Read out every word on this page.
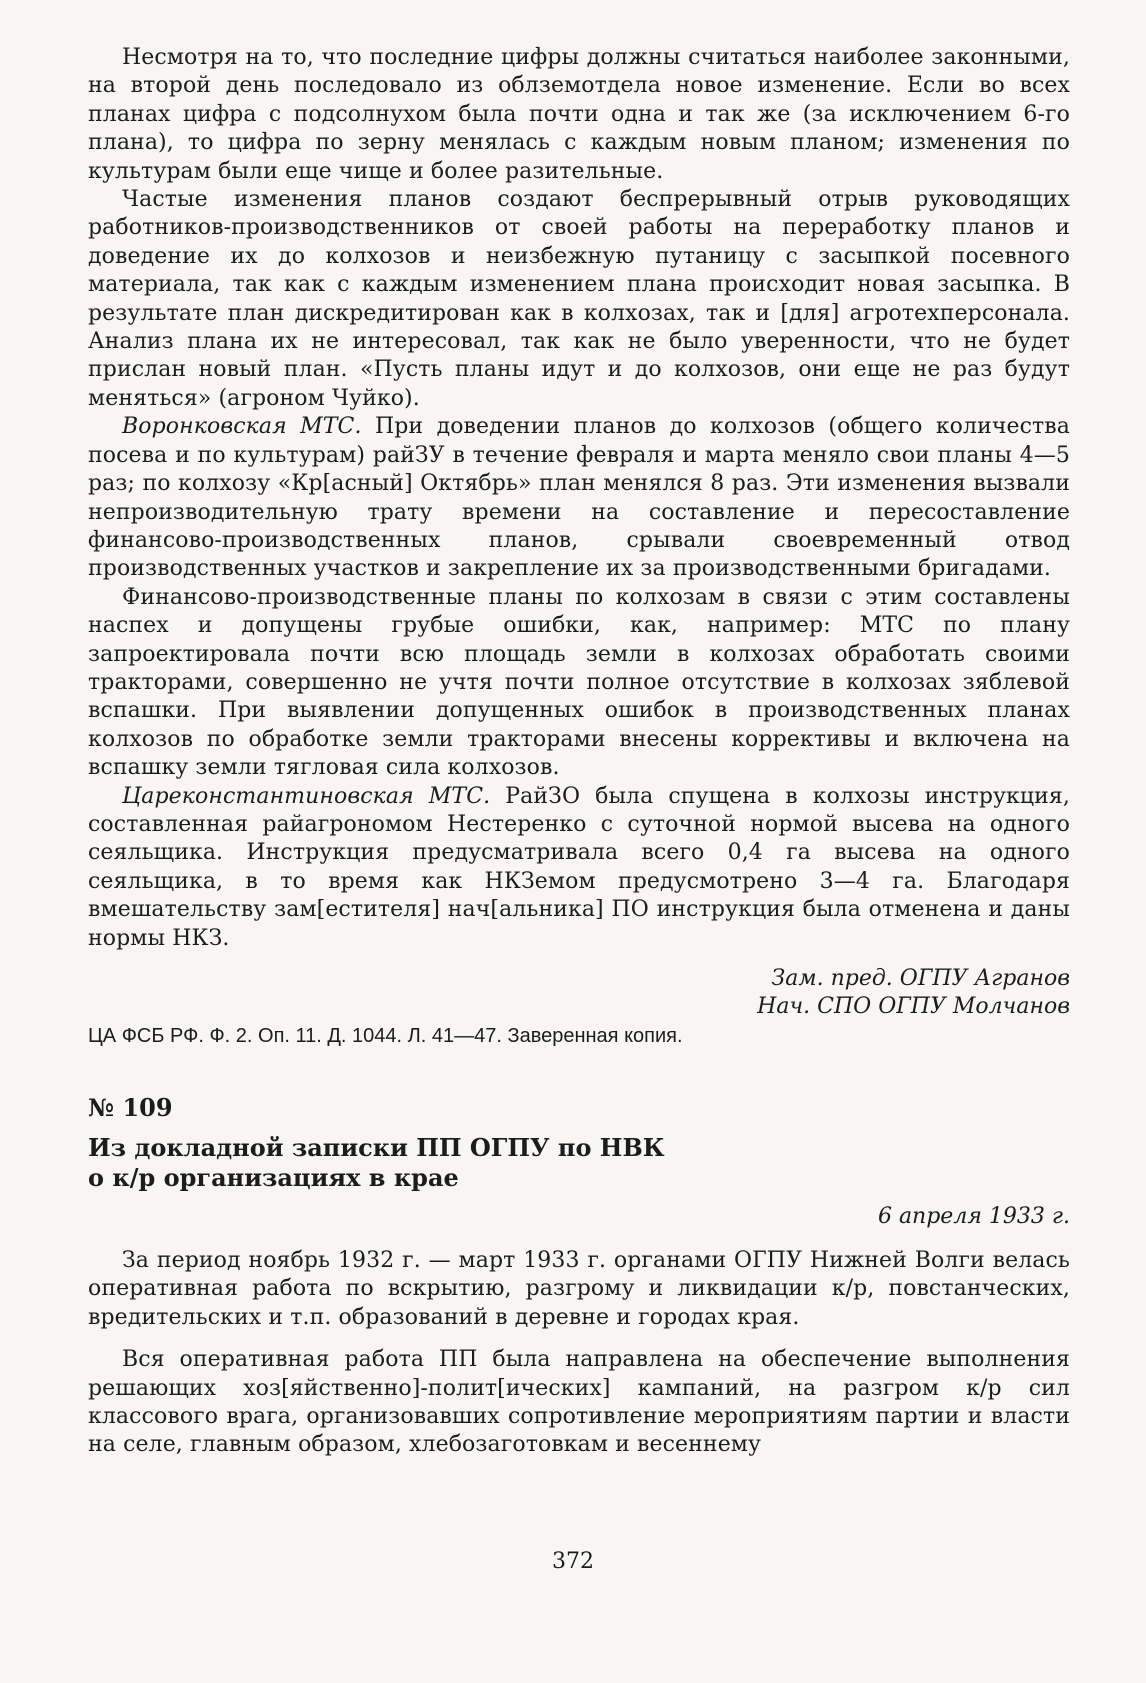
Несмотря на то, что последние цифры должны считаться наиболее законными, на второй день последовало из облземотдела новое изменение. Если во всех планах цифра с подсолнухом была почти одна и так же (за исключением 6-го плана), то цифра по зерну менялась с каждым новым планом; изменения по культурам были еще чище и более разительные.

Частые изменения планов создают беспрерывный отрыв руководящих работников-производственников от своей работы на переработку планов и доведение их до колхозов и неизбежную путаницу с засыпкой посевного материала, так как с каждым изменением плана происходит новая засыпка. В результате план дискредитирован как в колхозах, так и [для] агротехперсонала. Анализ плана их не интересовал, так как не было уверенности, что не будет прислан новый план. «Пусть планы идут и до колхозов, они еще не раз будут меняться» (агроном Чуйко).

Воронковская МТС. При доведении планов до колхозов (общего количества посева и по культурам) райЗУ в течение февраля и марта меняло свои планы 4—5 раз; по колхозу «Кр[асный] Октябрь» план менялся 8 раз. Эти изменения вызвали непроизводительную трату времени на составление и пересоставление финансово-производственных планов, срывали своевременный отвод производственных участков и закрепление их за производственными бригадами.

Финансово-производственные планы по колхозам в связи с этим составлены наспех и допущены грубые ошибки, как, например: МТС по плану запроектировала почти всю площадь земли в колхозах обработать своими тракторами, совершенно не учтя почти полное отсутствие в колхозах зяблевой вспашки. При выявлении допущенных ошибок в производственных планах колхозов по обработке земли тракторами внесены коррективы и включена на вспашку земли тягловая сила колхозов.

Цареконстантиновская МТС. РайЗО была спущена в колхозы инструкция, составленная райагрономом Нестеренко с суточной нормой высева на одного сеяльщика. Инструкция предусматривала всего 0,4 га высева на одного сеяльщика, в то время как НКЗемом предусмотрено 3—4 га. Благодаря вмешательству зам[естителя] нач[альника] ПО инструкция была отменена и даны нормы НКЗ.

Зам. пред. ОГПУ Агранов
Нач. СПО ОГПУ Молчанов
ЦА ФСБ РФ. Ф. 2. Оп. 11. Д. 1044. Л. 41—47. Заверенная копия.
№ 109
Из докладной записки ПП ОГПУ по НВК
о к/р организациях в крае
6 апреля 1933 г.

За период ноябрь 1932 г. — март 1933 г. органами ОГПУ Нижней Волги велась оперативная работа по вскрытию, разгрому и ликвидации к/р, повстанческих, вредительских и т.п. образований в деревне и городах края.

Вся оперативная работа ПП была направлена на обеспечение выполнения решающих хоз[яйственно]-полит[ических] кампаний, на разгром к/р сил классового врага, организовавших сопротивление мероприятиям партии и власти на селе, главным образом, хлебозаготовкам и весеннему

372
